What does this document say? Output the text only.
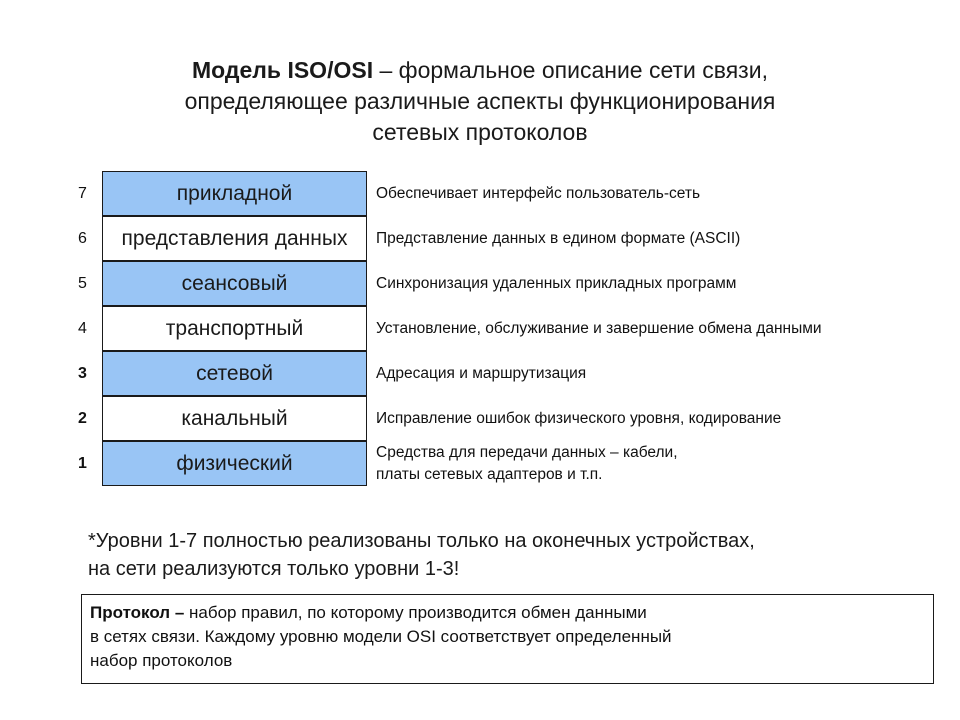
Модель ISO/OSI – формальное описание сети связи,
определяющее различные аспекты функционирования
сетевых протоколов
7	прикладной	Обеспечивает интерфейс пользователь-сеть
6	представления данных	Представление данных в едином формате (ASCII)
5	сеансовый	Синхронизация удаленных прикладных программ
4	транспортный	Установление, обслуживание и завершение обмена данными
3	сетевой	Адресация и маршрутизация
2	канальный	Исправление ошибок физического уровня, кодирование
1	физический	Средства для передачи данных – кабели,
платы сетевых адаптеров и т.п.
*Уровни 1-7 полностью реализованы только на оконечных устройствах,
на сети реализуются только уровни 1-3!
Протокол – набор правил, по которому производится обмен данными
в сетях связи. Каждому уровню модели OSI соответствует определенный
набор протоколов
